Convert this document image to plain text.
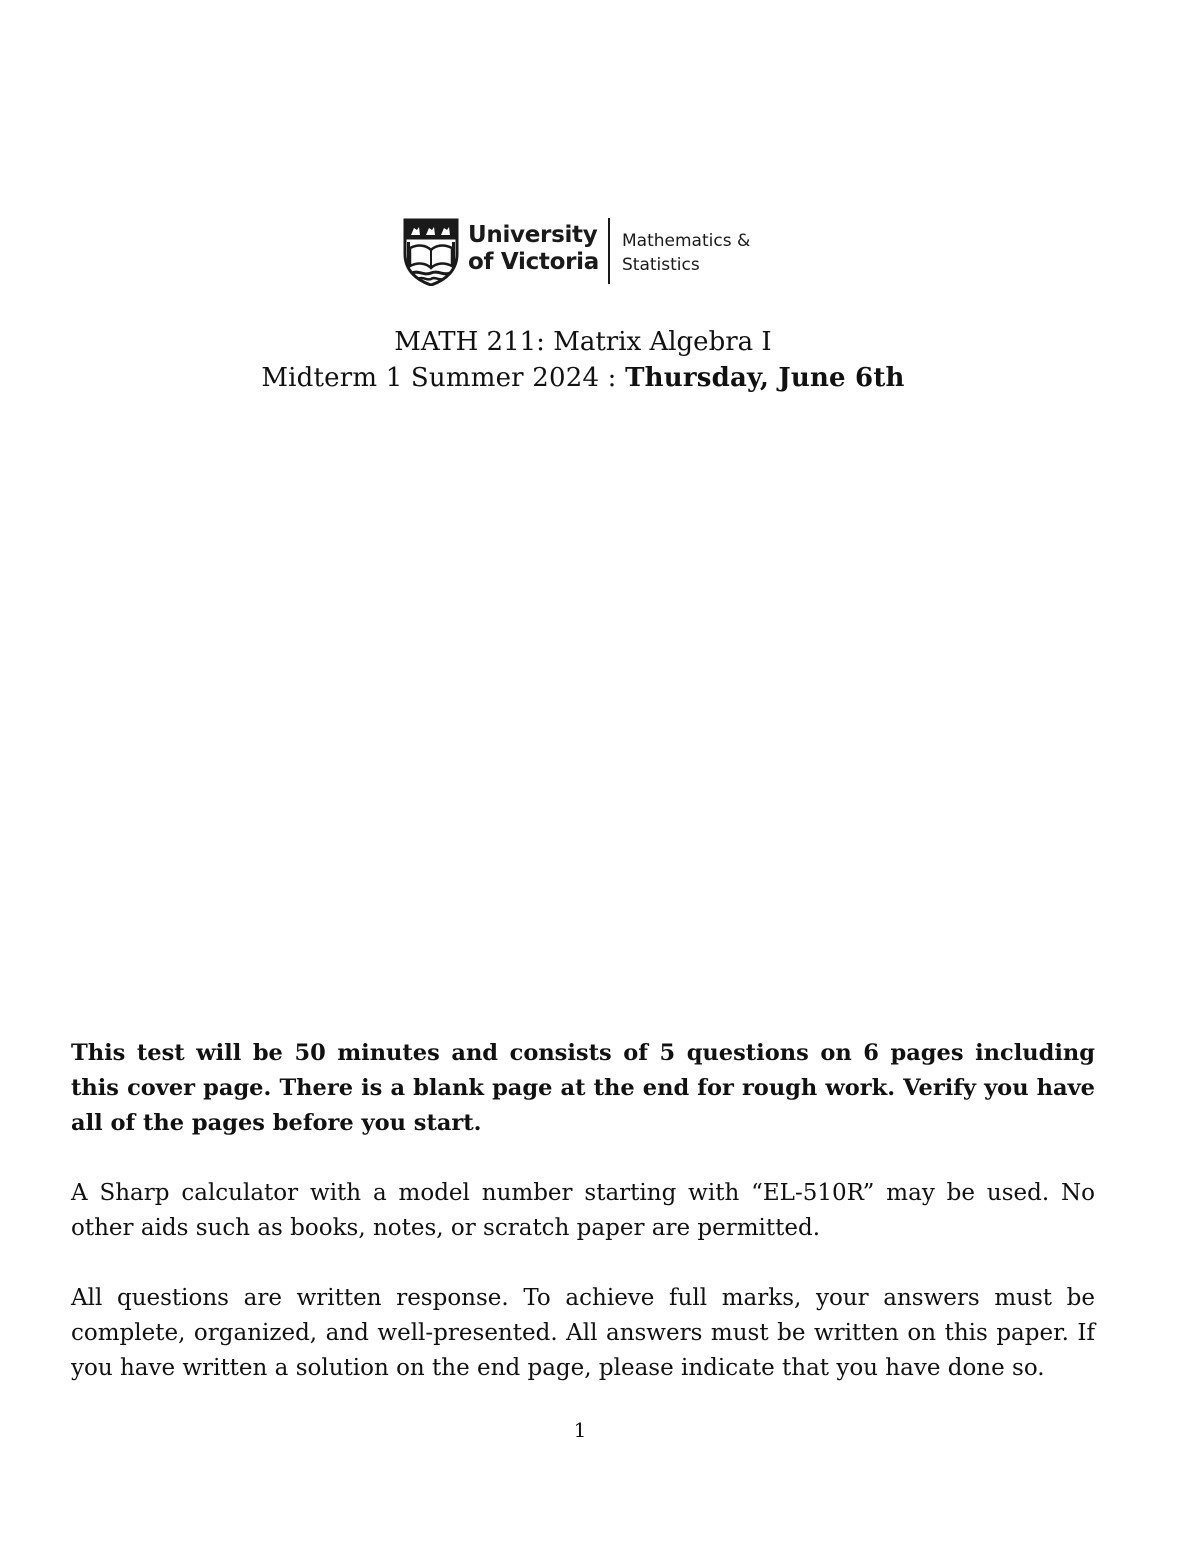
University
of Victoria
Mathematics &
Statistics

MATH 211: Matrix Algebra I

Midterm 1 Summer 2024 : Thursday, June 6th

This test will be 50 minutes and consists of 5 questions on 6 pages including this cover page. There is a blank page at the end for rough work. Verify you have all of the pages before you start.

A Sharp calculator with a model number starting with “EL-510R” may be used. No other aids such as books, notes, or scratch paper are permitted.

All questions are written response. To achieve full marks, your answers must be complete, organized, and well-presented. All answers must be written on this paper. If you have written a solution on the end page, please indicate that you have done so.

1
